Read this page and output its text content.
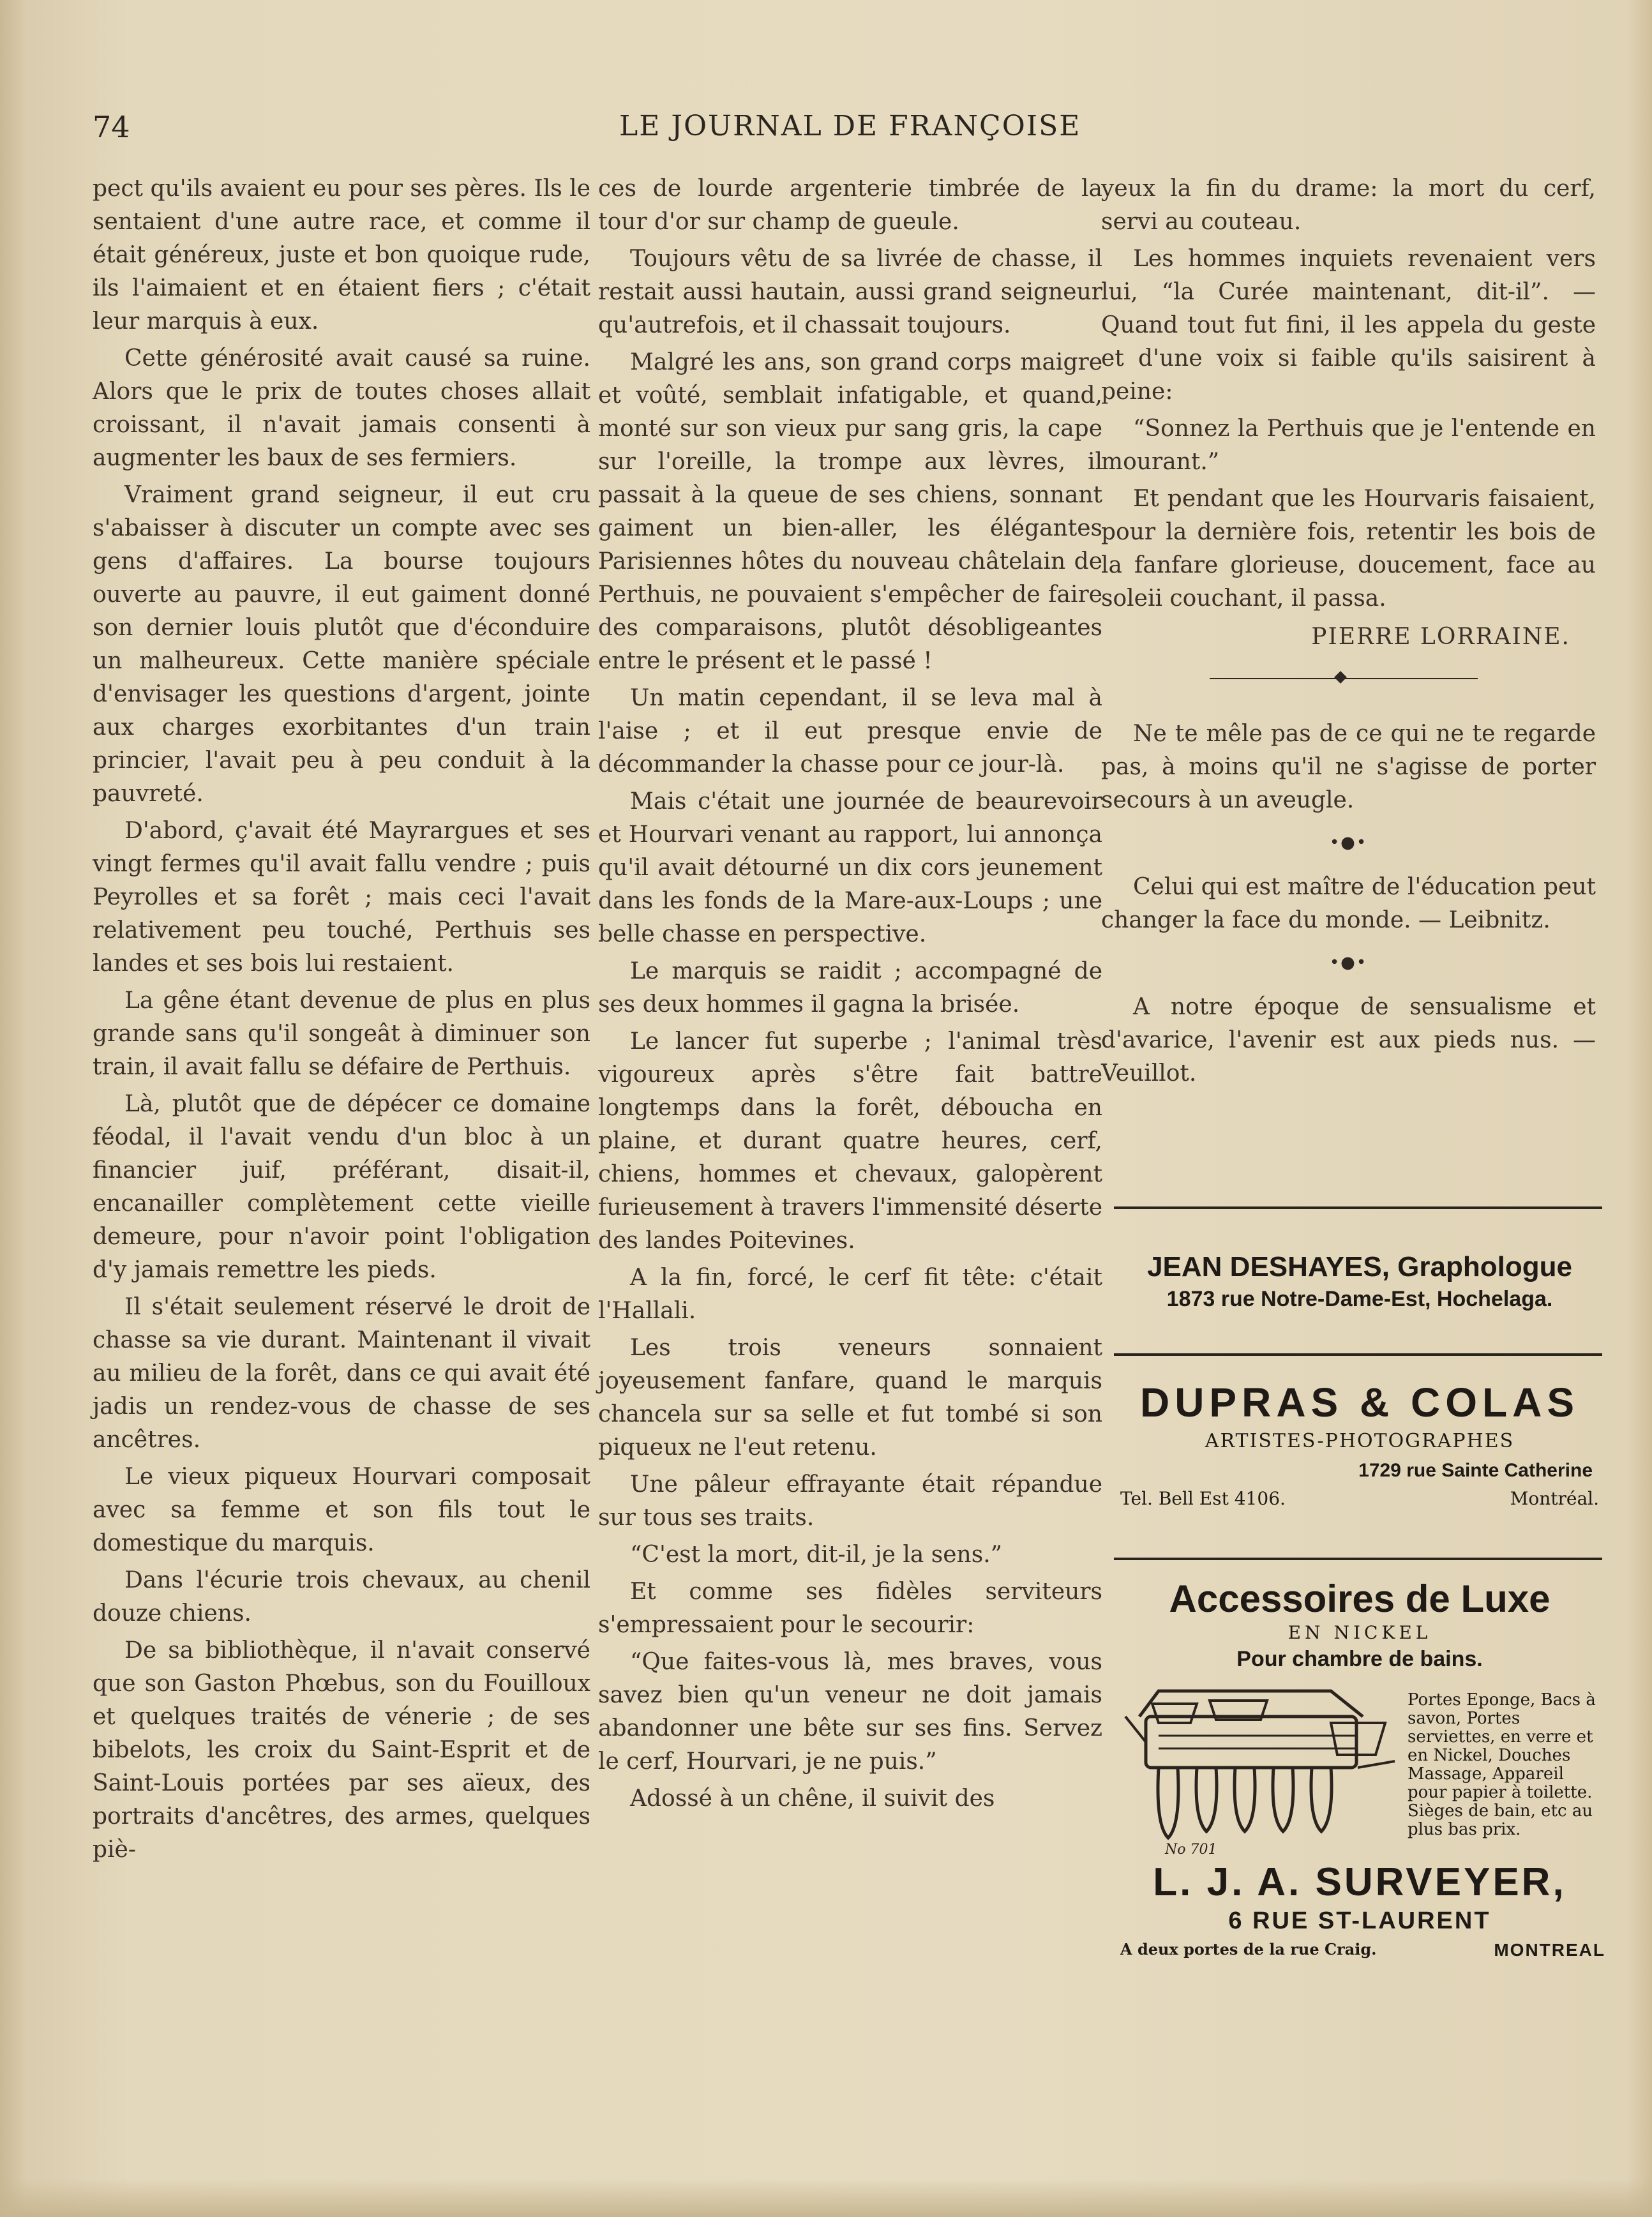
74	LE JOURNAL DE FRANÇOISE

pect qu'ils avaient eu pour ses pères. Ils le sentaient d'une autre race, et comme il était généreux, juste et bon quoique rude, ils l'aimaient et en étaient fiers ; c'était leur marquis à eux.

Cette générosité avait causé sa ruine. Alors que le prix de toutes choses allait croissant, il n'avait jamais consenti à augmenter les baux de ses fermiers.

Vraiment grand seigneur, il eut cru s'abaisser à discuter un compte avec ses gens d'affaires. La bourse toujours ouverte au pauvre, il eut gaiment donné son dernier louis plutôt que d'éconduire un malheureux. Cette manière spéciale d'envisager les questions d'argent, jointe aux charges exorbitantes d'un train princier, l'avait peu à peu conduit à la pauvreté.

D'abord, ç'avait été Mayrargues et ses vingt fermes qu'il avait fallu vendre ; puis Peyrolles et sa forêt ; mais ceci l'avait relativement peu touché, Perthuis ses landes et ses bois lui restaient.

La gêne étant devenue de plus en plus grande sans qu'il songeât à diminuer son train, il avait fallu se défaire de Perthuis.

Là, plutôt que de dépécer ce domaine féodal, il l'avait vendu d'un bloc à un financier juif, préférant, disait-il, encanailler complètement cette vieille demeure, pour n'avoir point l'obligation d'y jamais remettre les pieds.

Il s'était seulement réservé le droit de chasse sa vie durant. Maintenant il vivait au milieu de la forêt, dans ce qui avait été jadis un rendez-vous de chasse de ses ancêtres.

Le vieux piqueux Hourvari composait avec sa femme et son fils tout le domestique du marquis.

Dans l'écurie trois chevaux, au chenil douze chiens.

De sa bibliothèque, il n'avait conservé que son Gaston Phœbus, son du Fouilloux et quelques traités de vénerie ; de ses bibelots, les croix du Saint-Esprit et de Saint-Louis portées par ses aïeux, des portraits d'ancêtres, des armes, quelques piè-

ces de lourde argenterie timbrée de la tour d'or sur champ de gueule.

Toujours vêtu de sa livrée de chasse, il restait aussi hautain, aussi grand seigneur qu'autrefois, et il chassait toujours.

Malgré les ans, son grand corps maigre et voûté, semblait infatigable, et quand, monté sur son vieux pur sang gris, la cape sur l'oreille, la trompe aux lèvres, il passait à la queue de ses chiens, sonnant gaiment un bien-aller, les élégantes Parisiennes hôtes du nouveau châtelain de Perthuis, ne pouvaient s'empêcher de faire des comparaisons, plutôt désobligeantes entre le présent et le passé !

Un matin cependant, il se leva mal à l'aise ; et il eut presque envie de décommander la chasse pour ce jour-là.

Mais c'était une journée de beaurevoir et Hourvari venant au rapport, lui annonça qu'il avait détourné un dix cors jeunement dans les fonds de la Mare-aux-Loups ; une belle chasse en perspective.

Le marquis se raidit ; accompagné de ses deux hommes il gagna la brisée.

Le lancer fut superbe ; l'animal très vigoureux après s'être fait battre longtemps dans la forêt, déboucha en plaine, et durant quatre heures, cerf, chiens, hommes et chevaux, galopèrent furieusement à travers l'immensité déserte des landes Poitevines.

A la fin, forcé, le cerf fit tête: c'était l'Hallali.

Les trois veneurs sonnaient joyeusement fanfare, quand le marquis chancela sur sa selle et fut tombé si son piqueux ne l'eut retenu.

Une pâleur effrayante était répandue sur tous ses traits.

“C'est la mort, dit-il, je la sens.”

Et comme ses fidèles serviteurs s'empressaient pour le secourir:

“Que faites-vous là, mes braves, vous savez bien qu'un veneur ne doit jamais abandonner une bête sur ses fins. Servez le cerf, Hourvari, je ne puis.”

Adossé à un chêne, il suivit des

yeux la fin du drame: la mort du cerf, servi au couteau.

Les hommes inquiets revenaient vers lui, “la Curée maintenant, dit-il”. — Quand tout fut fini, il les appela du geste et d'une voix si faible qu'ils saisirent à peine:

“Sonnez la Perthuis que je l'entende en mourant.”

Et pendant que les Hourvaris faisaient, pour la dernière fois, retentir les bois de la fanfare glorieuse, doucement, face au soleii couchant, il passa.

PIERRE LORRAINE.

Ne te mêle pas de ce qui ne te regarde pas, à moins qu'il ne s'agisse de porter secours à un aveugle.

•●•

Celui qui est maître de l'éducation peut changer la face du monde. — Leibnitz.

•●•

A notre époque de sensualisme et d'avarice, l'avenir est aux pieds nus. — Veuillot.

JEAN DESHAYES, Graphologue
1873 rue Notre-Dame-Est, Hochelaga.
DUPRAS & COLAS
ARTISTES-PHOTOGRAPHES
1729 rue Sainte Catherine
Tel. Bell Est 4106.	Montréal.
Accessoires de Luxe
EN NICKEL
Pour chambre de bains.
No 701
Portes Eponge, Bacs à savon, Portes serviettes, en verre et en Nickel, Douches Massage, Appareil pour papier à toilette. Sièges de bain, etc au plus bas prix.
L. J. A. SURVEYER,
6 RUE ST-LAURENT
A deux portes de la rue Craig.	MONTREAL
